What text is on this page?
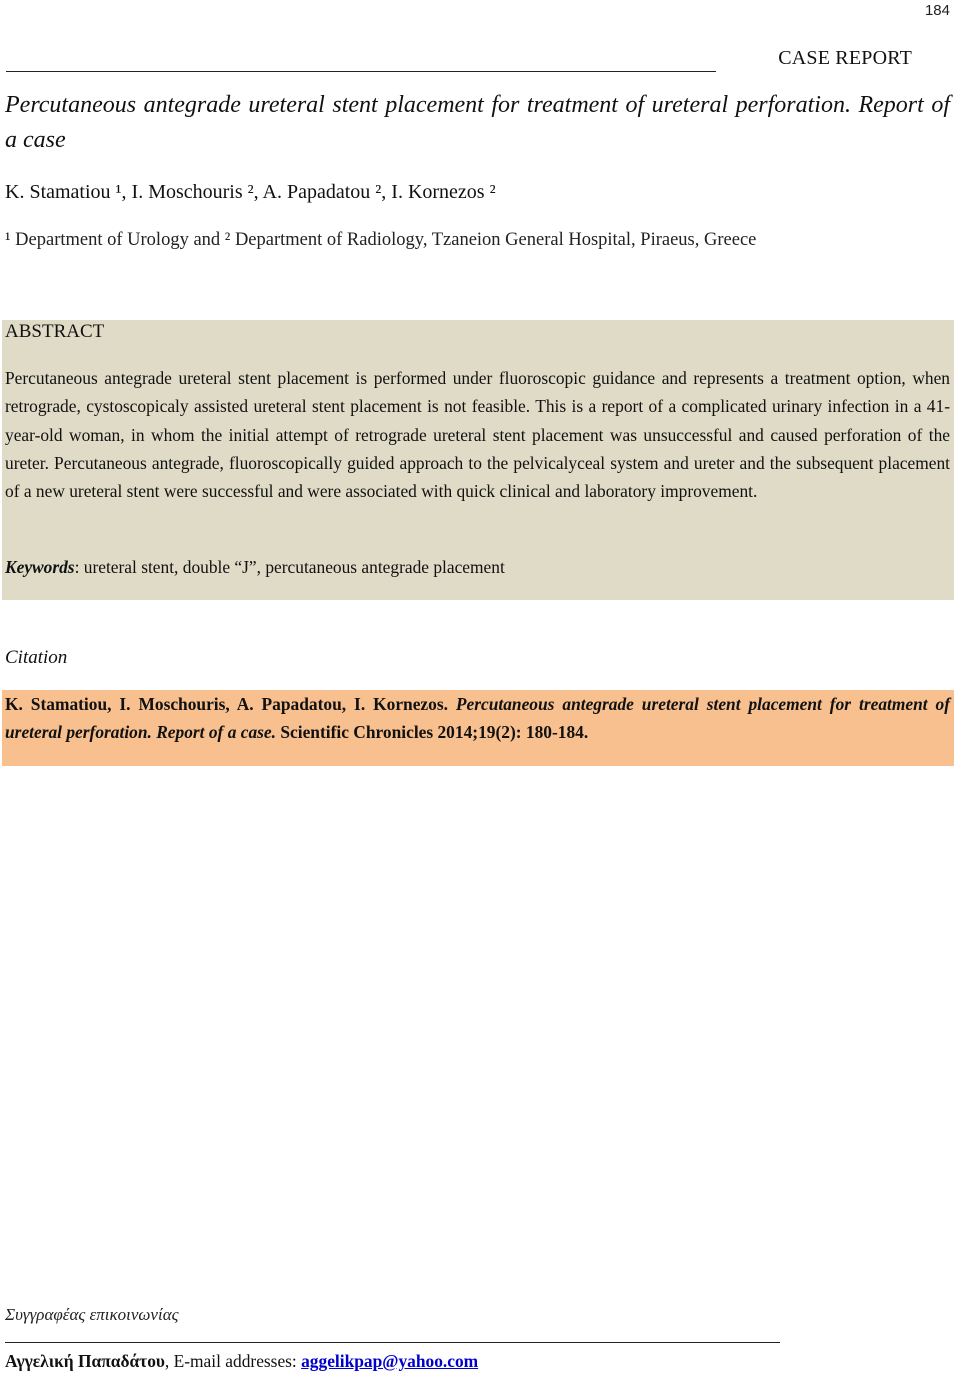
184
CASE REPORT
Percutaneous antegrade ureteral stent placement for treatment of ureteral perforation. Report of a case
K. Stamatiou ¹, I. Moschouris ², A. Papadatou ², I. Kornezos ²
¹ Department of Urology and ² Department of Radiology, Tzaneion General Hospital, Piraeus, Greece
ABSTRACT
Percutaneous antegrade ureteral stent placement is performed under fluoroscopic guidance and represents a treatment option, when retrograde, cystoscopicaly assisted ureteral stent placement is not feasible. This is a report of a complicated urinary infection in a 41-year-old woman, in whom the initial attempt of retrograde ureteral stent placement was unsuccessful and caused perforation of the ureter. Percutaneous antegrade, fluoroscopically guided approach to the pelvicalyceal system and ureter and the subsequent placement of a new ureteral stent were successful and were associated with quick clinical and laboratory improvement.
Keywords: ureteral stent, double “J”, percutaneous antegrade placement
Citation
K. Stamatiou, I. Moschouris, A. Papadatou, I. Kornezos. Percutaneous antegrade ureteral stent placement for treatment of ureteral perforation. Report of a case. Scientific Chronicles 2014;19(2): 180-184.
Συγγραφέας επικοινωνίας
Αγγελική Παπαδάτου, E-mail addresses: aggelikpap@yahoo.com
